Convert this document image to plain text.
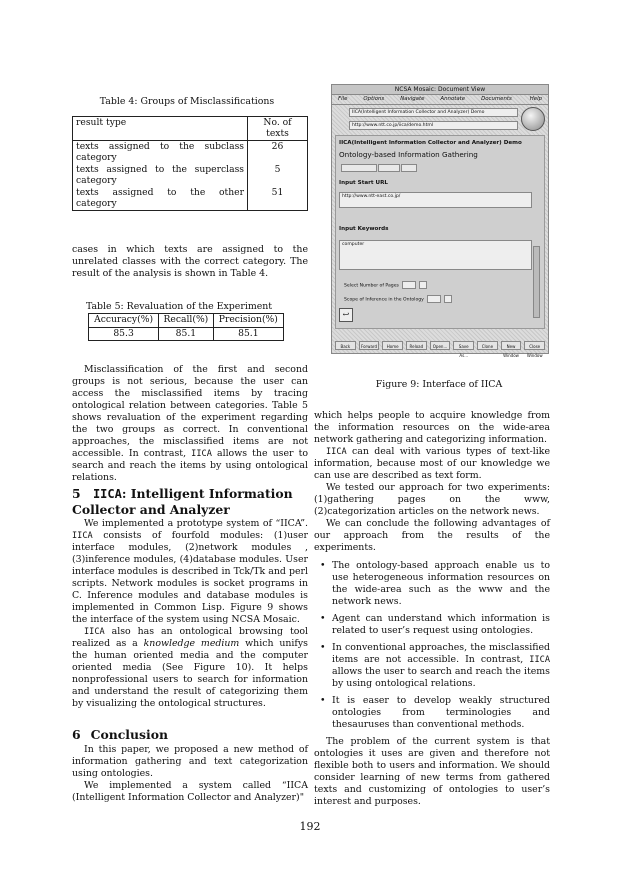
Table 4: Groups of Misclassifications
result type	No. of texts
texts assigned to the subclass category	26
texts assigned to the superclass category	5
texts assigned to the other category	51
cases in which texts are assigned to the unrelated classes with the correct category. The result of the analysis is shown in Table 4.
Table 5: Revaluation of the Experiment
Accuracy(%)	Recall(%)	Precision(%)
85.3	85.1	85.1

Misclassification of the first and second groups is not serious, because the user can access the misclassified items by tracing ontological relation between categories. Table 5 shows revaluation of the experiment regarding the two groups as correct. In conventional approaches, the misclassified items are not accessible. In contrast, IICA allows the user to search and reach the items by using ontological relations.

5 IICA: Intelligent Information Collector and Analyzer

We implemented a prototype system of “IICA”. IICA consists of fourfold modules: (1)user interface modules, (2)network modules , (3)inference modules, (4)database modules. User interface modules is described in Tck/Tk and perl scripts. Network modules is socket programs in C. Inference modules and database modules is implemented in Common Lisp. Figure 9 shows the interface of the system using NCSA Mosaic.

IICA also has an ontological browsing tool realized as a knowledge medium which unifys the human oriented media and the computer oriented media (See Figure 10). It helps nonprofessional users to search for information and understand the result of categorizing them by visualizing the ontological structures.

6 Conclusion

In this paper, we proposed a new method of information gathering and text categorization using ontologies.

We implemented a system called “IICA (Intelligent Information Collector and Analyzer)"

NCSA Mosaic: Document View
File	Options	Navigate	Annotate	Documents	Help
IICA(Intelligent Information Collector and Analyzer) Demo
http://www.ntt.co.jp/iica/demo.html
IICA(Intelligent Information Collector and Analyzer) Demo
Ontology-based Information Gathering
Input Start URL
http://www.ntt-east.co.jp/
Input Keywords
computer
Select Number of Pages
Scope of Inference in the Ontology
↩
Back	Forward	Home	Reload	Open...	Save As...
Clone	New Window
Close Window
Figure 9: Interface of IICA

which helps people to acquire knowledge from the information resources on the wide-area network gathering and categorizing information.

IICA can deal with various types of text-like information, because most of our knowledge we can use are described as text form.

We tested our approach for two experiments: (1)gathering pages on the www, (2)categorization articles on the network news.

We can conclude the following advantages of our approach from the results of the experiments.

• The ontology-based approach enable us to use heterogeneous information resources on the wide-area such as the www and the network news.
• Agent can understand which information is related to user’s request using ontologies.
• In conventional approaches, the misclassified items are not accessible. In contrast, IICA allows the user to search and reach the items by using ontological relations.
• It is easer to develop weakly structured ontologies from terminologies and thesauruses than conventional methods.

The problem of the current system is that ontologies it uses are given and therefore not flexible both to users and information. We should consider learning of new terms from gathered texts and customizing of ontologies to user’s interest and purposes.

192
